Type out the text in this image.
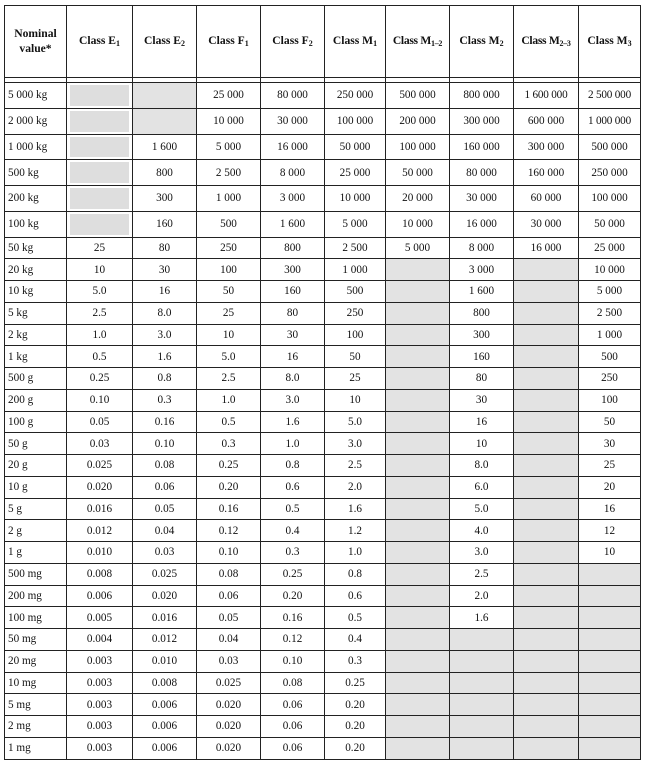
Nominal value*	Class $E_1$	Class $E_2$	Class $F_1$	Class $F_2$	Class $M_1$	Class $M_{1-2}$	Class $M_2$	Class $M_{2-3}$	Class $M_3$

5 000 kg			25 000	80 000	250 000	500 000	800 000	1 600 000	2 500 000
2 000 kg			10 000	30 000	100 000	200 000	300 000	600 000	1 000 000
1 000 kg		1 600	5 000	16 000	50 000	100 000	160 000	300 000	500 000
500 kg		800	2 500	8 000	25 000	50 000	80 000	160 000	250 000
200 kg		300	1 000	3 000	10 000	20 000	30 000	60 000	100 000
100 kg		160	500	1 600	5 000	10 000	16 000	30 000	50 000
50 kg	25	80	250	800	2 500	5 000	8 000	16 000	25 000
20 kg	10	30	100	300	1 000		3 000		10 000
10 kg	5.0	16	50	160	500		1 600		5 000
5 kg	2.5	8.0	25	80	250		800		2 500
2 kg	1.0	3.0	10	30	100		300		1 000
1 kg	0.5	1.6	5.0	16	50		160		500
500 g	0.25	0.8	2.5	8.0	25		80		250
200 g	0.10	0.3	1.0	3.0	10		30		100
100 g	0.05	0.16	0.5	1.6	5.0		16		50
50 g	0.03	0.10	0.3	1.0	3.0		10		30
20 g	0.025	0.08	0.25	0.8	2.5		8.0		25
10 g	0.020	0.06	0.20	0.6	2.0		6.0		20
5 g	0.016	0.05	0.16	0.5	1.6		5.0		16
2 g	0.012	0.04	0.12	0.4	1.2		4.0		12
1 g	0.010	0.03	0.10	0.3	1.0		3.0		10
500 mg	0.008	0.025	0.08	0.25	0.8		2.5		
200 mg	0.006	0.020	0.06	0.20	0.6		2.0		
100 mg	0.005	0.016	0.05	0.16	0.5		1.6		
50 mg	0.004	0.012	0.04	0.12	0.4				
20 mg	0.003	0.010	0.03	0.10	0.3				
10 mg	0.003	0.008	0.025	0.08	0.25				
5 mg	0.003	0.006	0.020	0.06	0.20				
2 mg	0.003	0.006	0.020	0.06	0.20				
1 mg	0.003	0.006	0.020	0.06	0.20				
